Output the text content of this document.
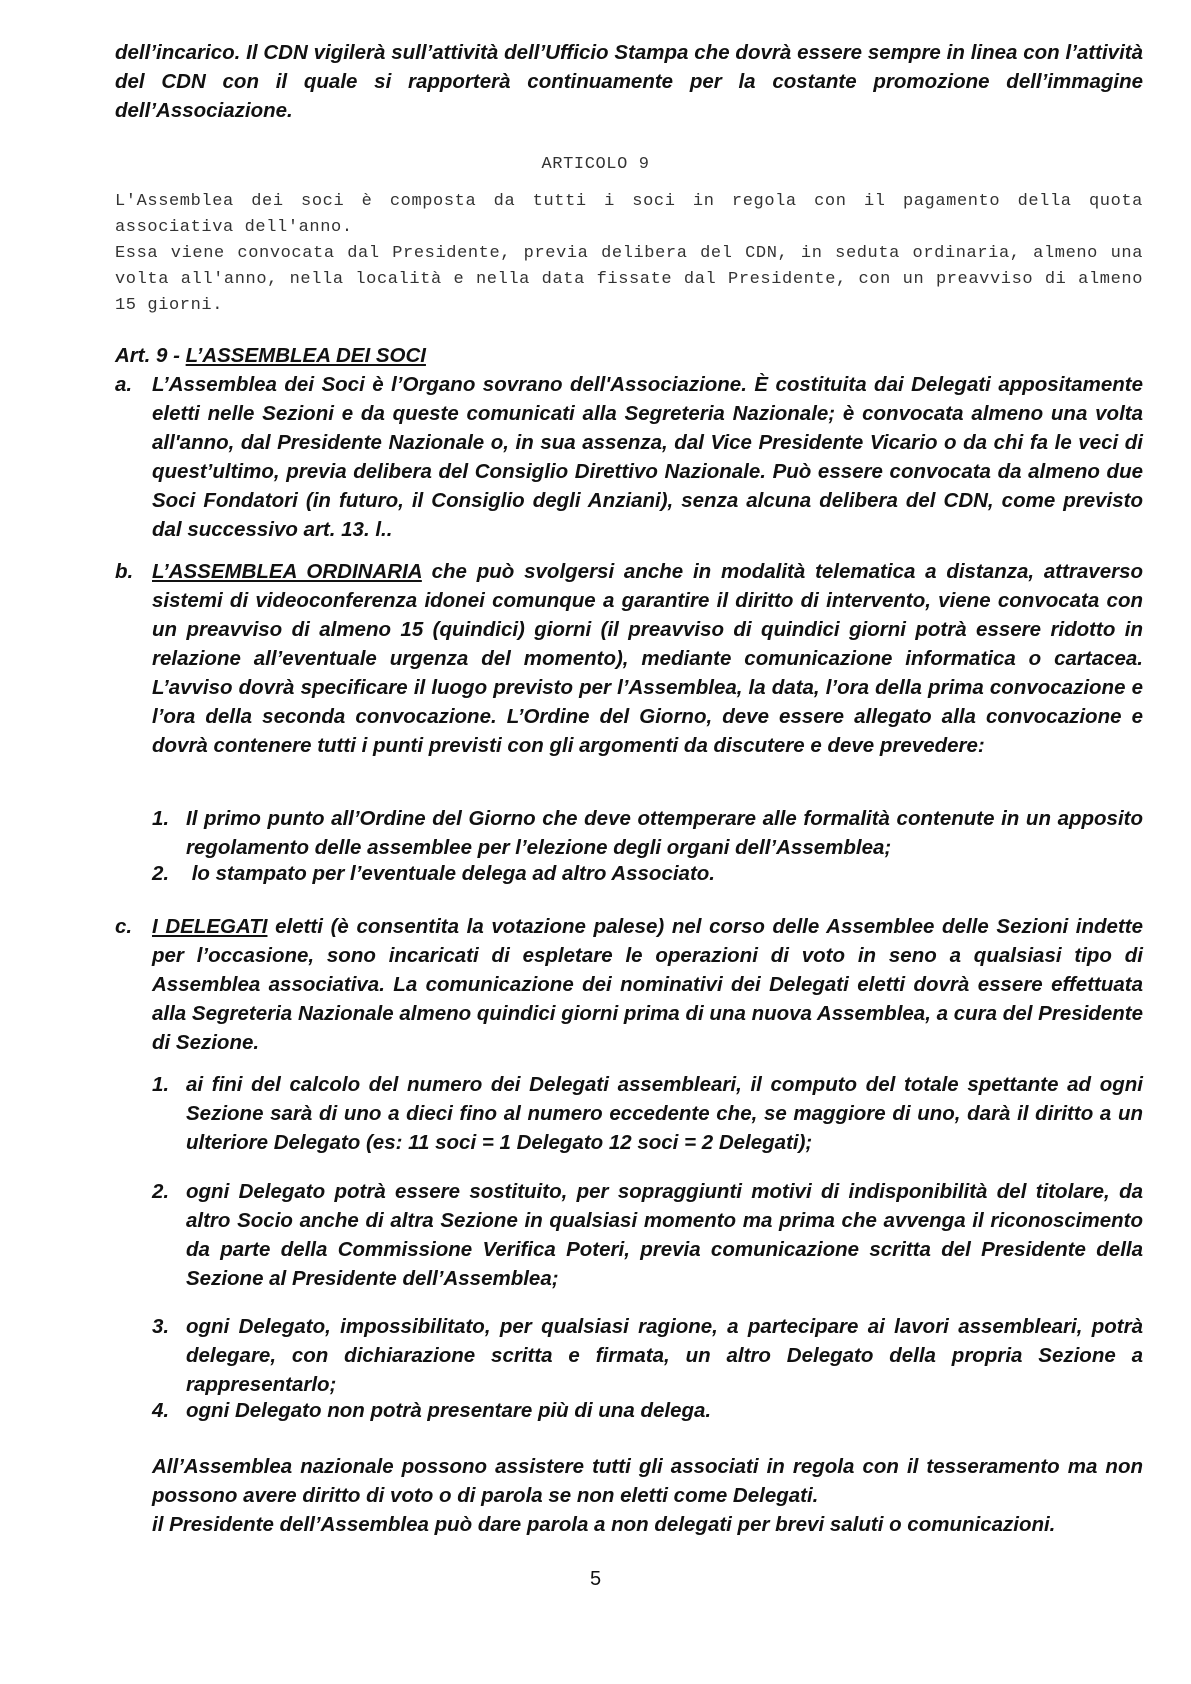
dell’incarico. Il CDN vigilerà sull’attività dell’Ufficio Stampa che dovrà essere sempre in linea con l’attività del CDN con il quale si rapporterà continuamente per la costante promozione dell’immagine dell’Associazione.

ARTICOLO 9

L'Assemblea dei soci è composta da tutti i soci in regola con il pagamento della quota associativa dell'anno.

Essa viene convocata dal Presidente, previa delibera del CDN, in seduta ordinaria, almeno una volta all'anno, nella località e nella data fissate dal Presidente, con un preavviso di almeno 15 giorni.

Art. 9 - L’ASSEMBLEA DEI SOCI
a. L’Assemblea dei Soci è l’Organo sovrano dell'Associazione. È costituita dai Delegati appositamente eletti nelle Sezioni e da queste comunicati alla Segreteria Nazionale; è convocata almeno una volta all'anno, dal Presidente Nazionale o, in sua assenza, dal Vice Presidente Vicario o da chi fa le veci di quest’ultimo, previa delibera del Consiglio Direttivo Nazionale. Può essere convocata da almeno due Soci Fondatori (in futuro, il Consiglio degli Anziani), senza alcuna delibera del CDN, come previsto dal successivo art. 13. l..

b. L’ASSEMBLEA ORDINARIA che può svolgersi anche in modalità telematica a distanza, attraverso sistemi di videoconferenza idonei comunque a garantire il diritto di intervento, viene convocata con un preavviso di almeno 15 (quindici) giorni (il preavviso di quindici giorni potrà essere ridotto in relazione all’eventuale urgenza del momento), mediante comunicazione informatica o cartacea. L’avviso dovrà specificare il luogo previsto per l’Assemblea, la data, l’ora della prima convocazione e l’ora della seconda convocazione. L’Ordine del Giorno, deve essere allegato alla convocazione e dovrà contenere tutti i punti previsti con gli argomenti da discutere e deve prevedere:

1. Il primo punto all’Ordine del Giorno che deve ottemperare alle formalità contenute in un apposito regolamento delle assemblee per l’elezione degli organi dell’Assemblea;

2. lo stampato per l’eventuale delega ad altro Associato.

c. I DELEGATI eletti (è consentita la votazione palese) nel corso delle Assemblee delle Sezioni indette per l’occasione, sono incaricati di espletare le operazioni di voto in seno a qualsiasi tipo di Assemblea associativa. La comunicazione dei nominativi dei Delegati eletti dovrà essere effettuata alla Segreteria Nazionale almeno quindici giorni prima di una nuova Assemblea, a cura del Presidente di Sezione.

1. ai fini del calcolo del numero dei Delegati assembleari, il computo del totale spettante ad ogni Sezione sarà di uno a dieci fino al numero eccedente che, se maggiore di uno, darà il diritto a un ulteriore Delegato (es: 11 soci = 1 Delegato 12 soci = 2 Delegati);

2. ogni Delegato potrà essere sostituito, per sopraggiunti motivi di indisponibilità del titolare, da altro Socio anche di altra Sezione in qualsiasi momento ma prima che avvenga il riconoscimento da parte della Commissione Verifica Poteri, previa comunicazione scritta del Presidente della Sezione al Presidente dell’Assemblea;

3. ogni Delegato, impossibilitato, per qualsiasi ragione, a partecipare ai lavori assembleari, potrà delegare, con dichiarazione scritta e firmata, un altro Delegato della propria Sezione a rappresentarlo;

4. ogni Delegato non potrà presentare più di una delega.

All’Assemblea nazionale possono assistere tutti gli associati in regola con il tesseramento ma non possono avere diritto di voto o di parola se non eletti come Delegati.

il Presidente dell’Assemblea può dare parola a non delegati per brevi saluti o comunicazioni.

5
